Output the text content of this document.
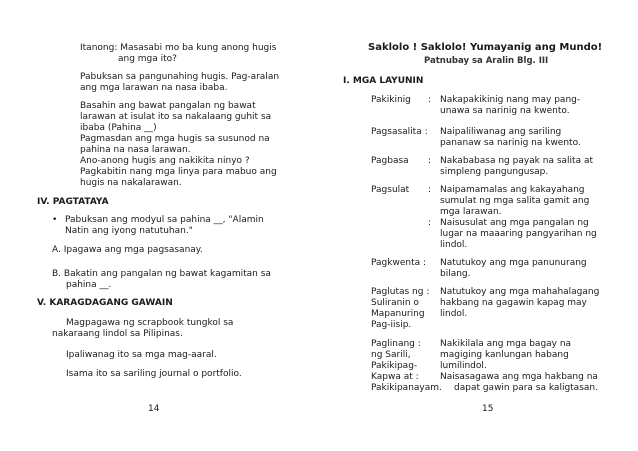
Itanong: Masasabi mo ba kung anong hugis
ang mga ito?
Pabuksan sa pangunahing hugis. Pag-aralan
ang mga larawan na nasa ibaba.
Basahin ang bawat pangalan ng bawat
larawan at isulat ito sa nakalaang guhit sa
ibaba (Pahina __)
Pagmasdan ang mga hugis sa susunod na
pahina na nasa larawan.
Ano-anong hugis ang nakikita ninyo ?
Pagkabitin nang mga linya para mabuo ang
hugis na nakalarawan.
IV. PAGTATAYA
• Pabuksan ang modyul sa pahina __, "Alamin
Natin ang iyong natutuhan."
A. Ipagawa ang mga pagsasanay.
B. Bakatin ang pangalan ng bawat kagamitan sa
pahina __.
V. KARAGDAGANG GAWAIN
Magpagawa ng scrapbook tungkol sa
nakaraang lindol sa Pilipinas.
Ipaliwanag ito sa mga mag-aaral.
Isama ito sa sariling journal o portfolio.
14
Saklolo ! Saklolo! Yumayanig ang Mundo!
Patnubay sa Aralin Blg. III
I. MGA LAYUNIN
Pakikinig : Nakapakikinig nang may pang-
unawa sa narinig na kwento.
Pagsasalita : Naipaliliwanag ang sariling
pananaw sa narinig na kwento.
Pagbasa : Nakababasa ng payak na salita at
simpleng pangungusap.
Pagsulat : Naipamamalas ang kakayahang
sumulat ng mga salita gamit ang
mga larawan.
: Naisusulat ang mga pangalan ng
lugar na maaaring pangyarihan ng
lindol.
Pagkwenta : Natutukoy ang mga panunurang
bilang.
Paglutas ng :
Suliranin o
Mapanuring
Pag-iisip.
Natutukoy ang mga mahahalagang
hakbang na gagawin kapag may
lindol.
Paglinang :
ng Sarili,
Pakikipag-
Kapwa at :
Pakikipanayam.
Nakikilala ang mga bagay na
magiging kanlungan habang
lumilindol.
Naisasagawa ang mga hakbang na
dapat gawin para sa kaligtasan.
15
